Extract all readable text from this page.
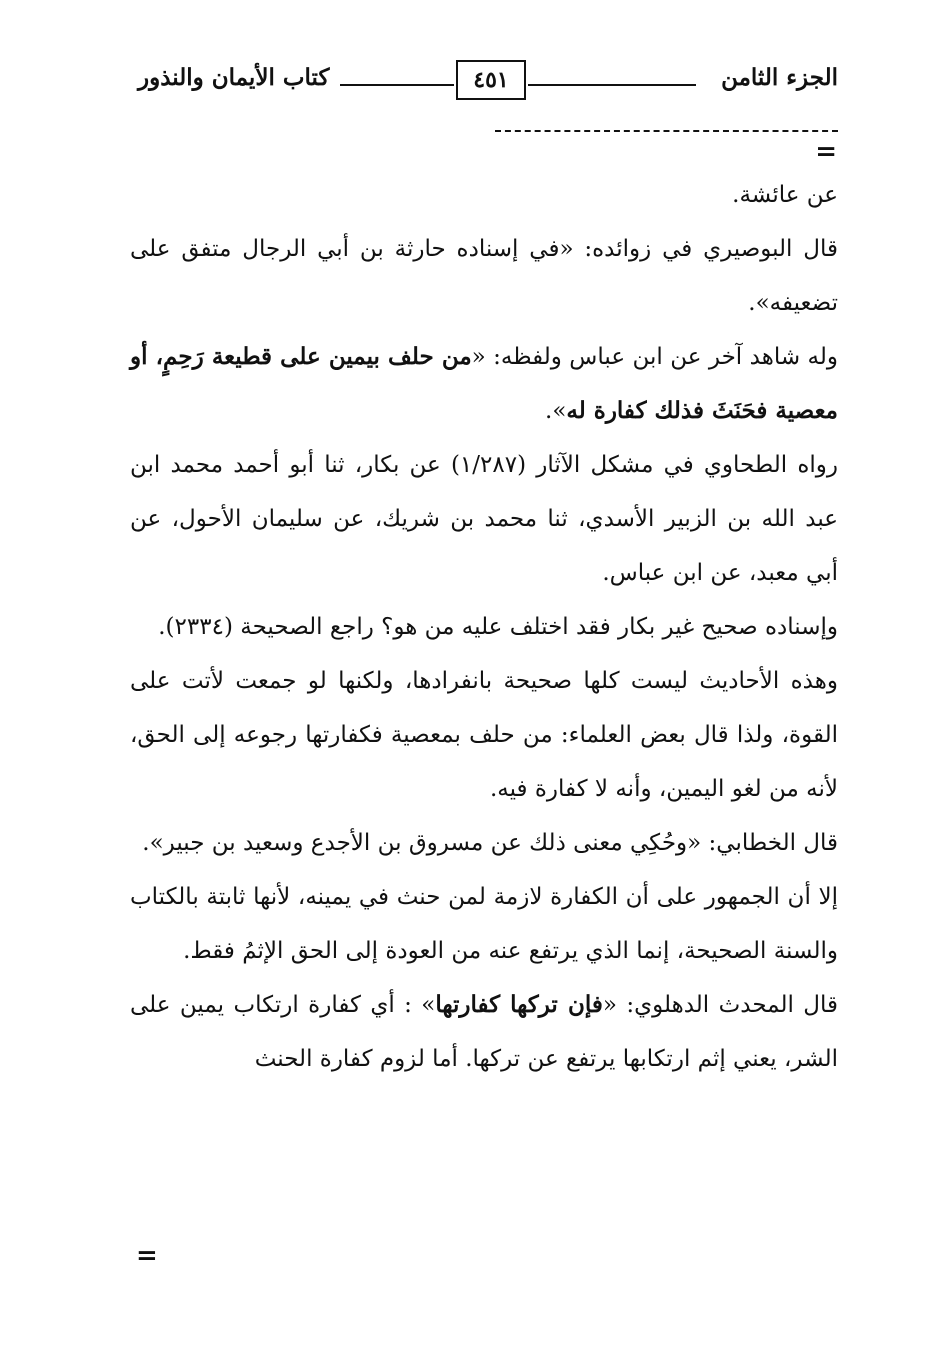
الجزء الثامن
٤٥١
كتاب الأيمان والنذور
=

عن عائشة.

قال البوصيري في زوائده: «في إسناده حارثة بن أبي الرجال متفق على تضعيفه».

وله شاهد آخر عن ابن عباس ولفظه: «من حلف بيمين على قطيعة رَحِمٍ، أو معصية فحَنَثَ فذلك كفارة له».

رواه الطحاوي في مشكل الآثار (١/٢٨٧) عن بكار، ثنا أبو أحمد محمد ابن عبد الله بن الزبير الأسدي، ثنا محمد بن شريك، عن سليمان الأحول، عن أبي معبد، عن ابن عباس.

وإسناده صحيح غير بكار فقد اختلف عليه من هو؟ راجع الصحيحة (٢٣٣٤).

وهذه الأحاديث ليست كلها صحيحة بانفرادها، ولكنها لو جمعت لأتت على القوة، ولذا قال بعض العلماء: من حلف بمعصية فكفارتها رجوعه إلى الحق، لأنه من لغو اليمين، وأنه لا كفارة فيه.

قال الخطابي: «وحُكِي معنى ذلك عن مسروق بن الأجدع وسعيد بن جبير».

إلا أن الجمهور على أن الكفارة لازمة لمن حنث في يمينه، لأنها ثابتة بالكتاب والسنة الصحيحة، إنما الذي يرتفع عنه من العودة إلى الحق الإثمُ فقط.

قال المحدث الدهلوي: «فإن تركها كفارتها» : أي كفارة ارتكاب يمين على الشر، يعني إثم ارتكابها يرتفع عن تركها. أما لزوم كفارة الحنث

=
